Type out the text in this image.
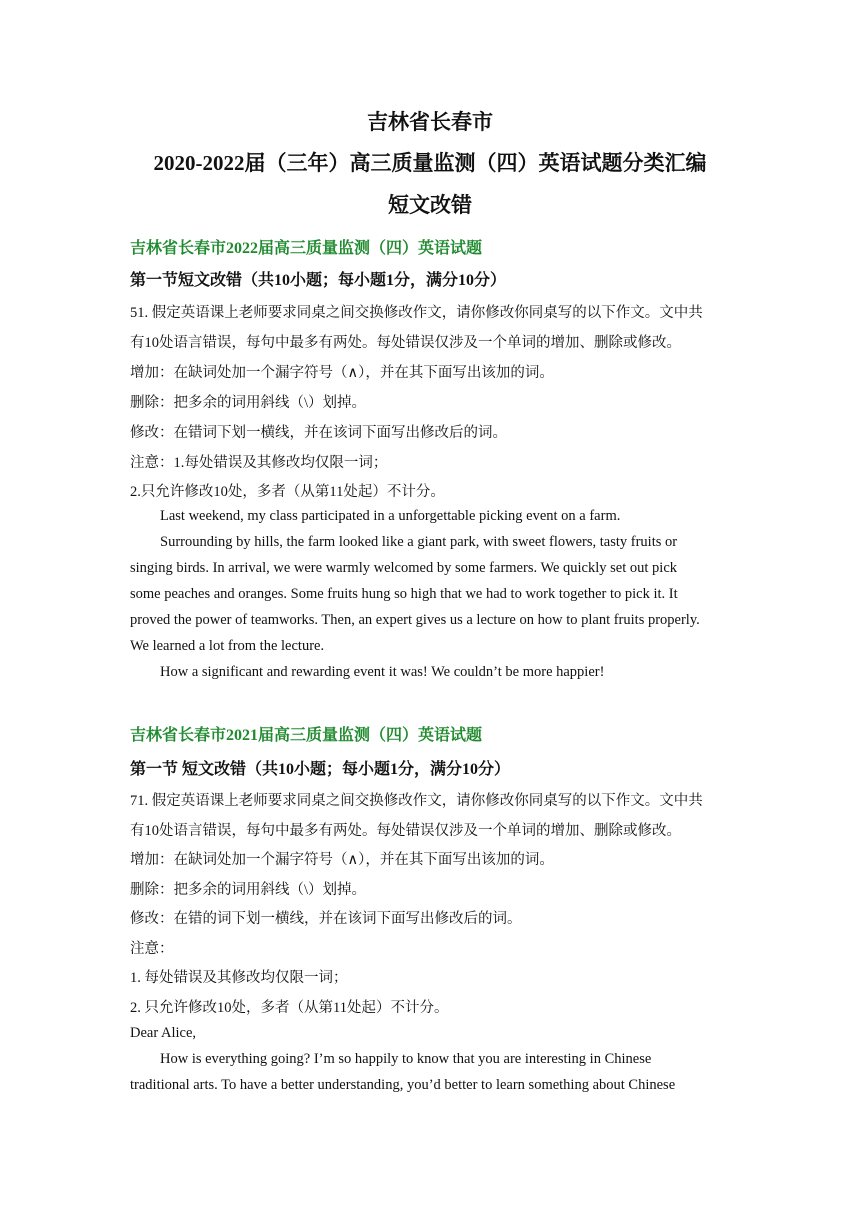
吉林省长春市
2020-2022届（三年）高三质量监测（四）英语试题分类汇编
短文改错
吉林省长春市2022届高三质量监测（四）英语试题
第一节短文改错（共10小题；每小题1分，满分10分）
51. 假定英语课上老师要求同桌之间交换修改作文，请你修改你同桌写的以下作文。文中共
有10处语言错误，每句中最多有两处。每处错误仅涉及一个单词的增加、删除或修改。
增加：在缺词处加一个漏字符号（∧），并在其下面写出该加的词。
删除：把多余的词用斜线（\）划掉。
修改：在错词下划一横线，并在该词下面写出修改后的词。
注意：1.每处错误及其修改均仅限一词；
2.只允许修改10处，多者（从第11处起）不计分。
Last weekend, my class participated in a unforgettable picking event on a farm.
Surrounding by hills, the farm looked like a giant park, with sweet flowers, tasty fruits or
singing birds. In arrival, we were warmly welcomed by some farmers. We quickly set out pick
some peaches and oranges. Some fruits hung so high that we had to work together to pick it. It
proved the power of teamworks. Then, an expert gives us a lecture on how to plant fruits properly.
We learned a lot from the lecture.
How a significant and rewarding event it was! We couldn’t be more happier!
吉林省长春市2021届高三质量监测（四）英语试题
第一节 短文改错（共10小题；每小题1分，满分10分）
71. 假定英语课上老师要求同桌之间交换修改作文，请你修改你同桌写的以下作文。文中共
有10处语言错误，每句中最多有两处。每处错误仅涉及一个单词的增加、删除或修改。
增加：在缺词处加一个漏字符号（∧），并在其下面写出该加的词。
删除：把多余的词用斜线（\）划掉。
修改：在错的词下划一横线，并在该词下面写出修改后的词。
注意：
1. 每处错误及其修改均仅限一词；
2. 只允许修改10处，多者（从第11处起）不计分。
Dear Alice,
How is everything going? I’m so happily to know that you are interesting in Chinese
traditional arts. To have a better understanding, you’d better to learn something about Chinese
